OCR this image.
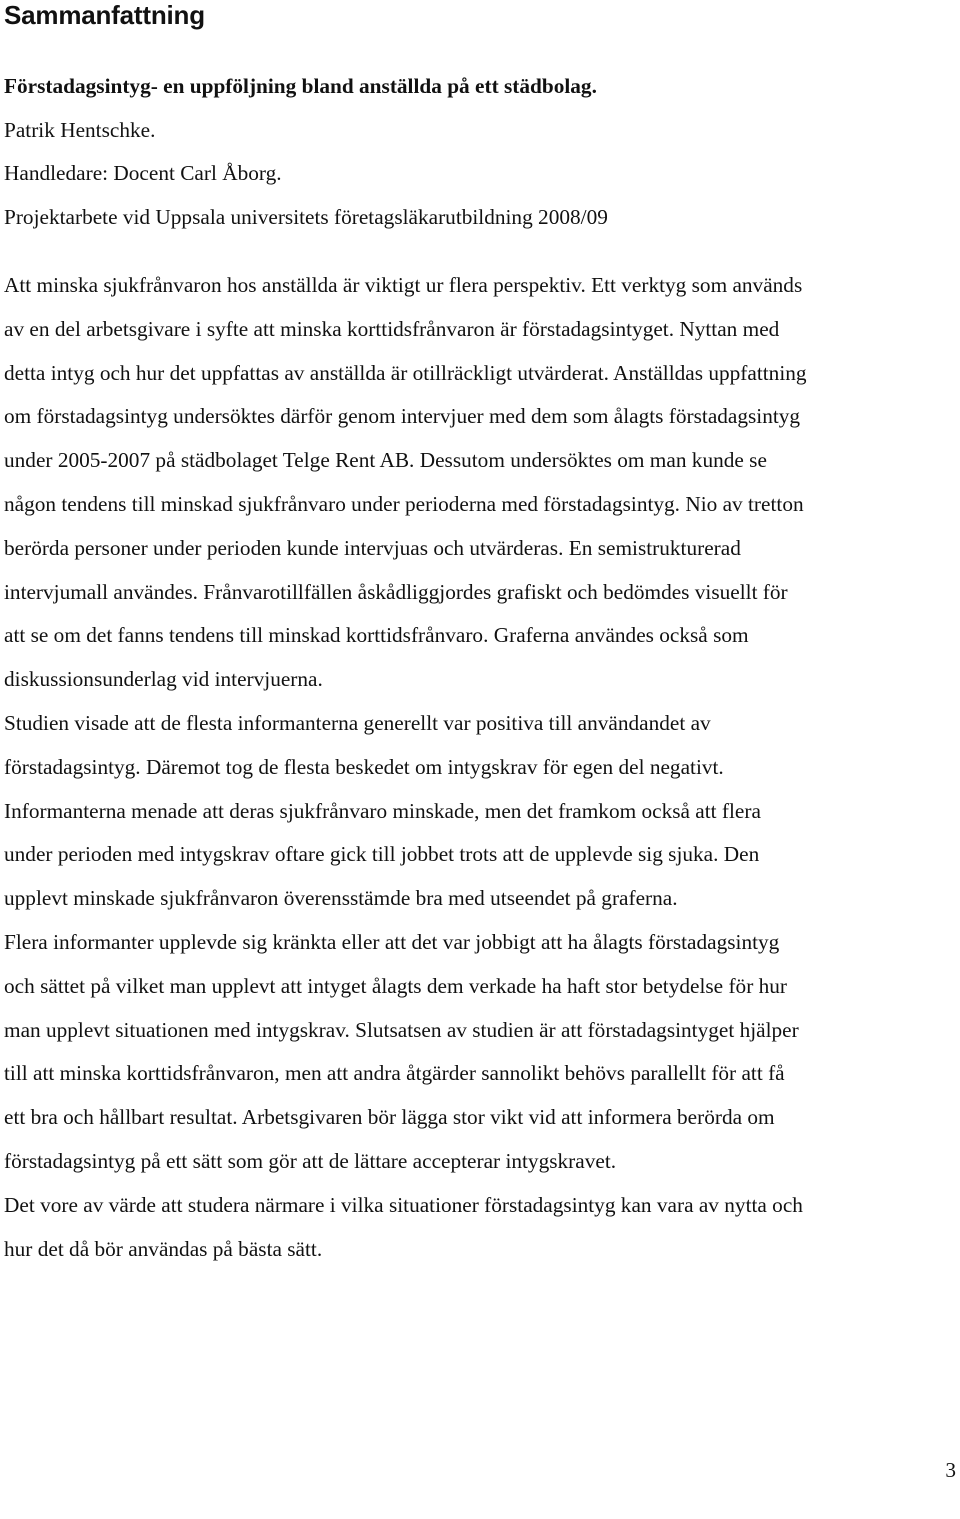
Sammanfattning

Förstadagsintyg- en uppföljning bland anställda på ett städbolag.

Patrik Hentschke.

Handledare: Docent Carl Åborg.

Projektarbete vid Uppsala universitets företagsläkarutbildning 2008/09

Att minska sjukfrånvaron hos anställda är viktigt ur flera perspektiv. Ett verktyg som används

av en del arbetsgivare i syfte att minska korttidsfrånvaron är förstadagsintyget. Nyttan med

detta intyg och hur det uppfattas av anställda är otillräckligt utvärderat. Anställdas uppfattning

om förstadagsintyg undersöktes därför genom intervjuer med dem som ålagts förstadagsintyg

under 2005-2007 på städbolaget Telge Rent AB. Dessutom undersöktes om man kunde se

någon tendens till minskad sjukfrånvaro under perioderna med förstadagsintyg. Nio av tretton

berörda personer under perioden kunde intervjuas och utvärderas. En semistrukturerad

intervjumall användes. Frånvarotillfällen åskådliggjordes grafiskt och bedömdes visuellt för

att se om det fanns tendens till minskad korttidsfrånvaro. Graferna användes också som

diskussionsunderlag vid intervjuerna.

Studien visade att de flesta informanterna generellt var positiva till användandet av

förstadagsintyg. Däremot tog de flesta beskedet om intygskrav för egen del negativt.

Informanterna menade att deras sjukfrånvaro minskade, men det framkom också att flera

under perioden med intygskrav oftare gick till jobbet trots att de upplevde sig sjuka. Den

upplevt minskade sjukfrånvaron överensstämde bra med utseendet på graferna.

Flera informanter upplevde sig kränkta eller att det var jobbigt att ha ålagts förstadagsintyg

och sättet på vilket man upplevt att intyget ålagts dem verkade ha haft stor betydelse för hur

man upplevt situationen med intygskrav. Slutsatsen av studien är att förstadagsintyget hjälper

till att minska korttidsfrånvaron, men att andra åtgärder sannolikt behövs parallellt för att få

ett bra och hållbart resultat. Arbetsgivaren bör lägga stor vikt vid att informera berörda om

förstadagsintyg på ett sätt som gör att de lättare accepterar intygskravet.

Det vore av värde att studera närmare i vilka situationer förstadagsintyg kan vara av nytta och

hur det då bör användas på bästa sätt.

3
